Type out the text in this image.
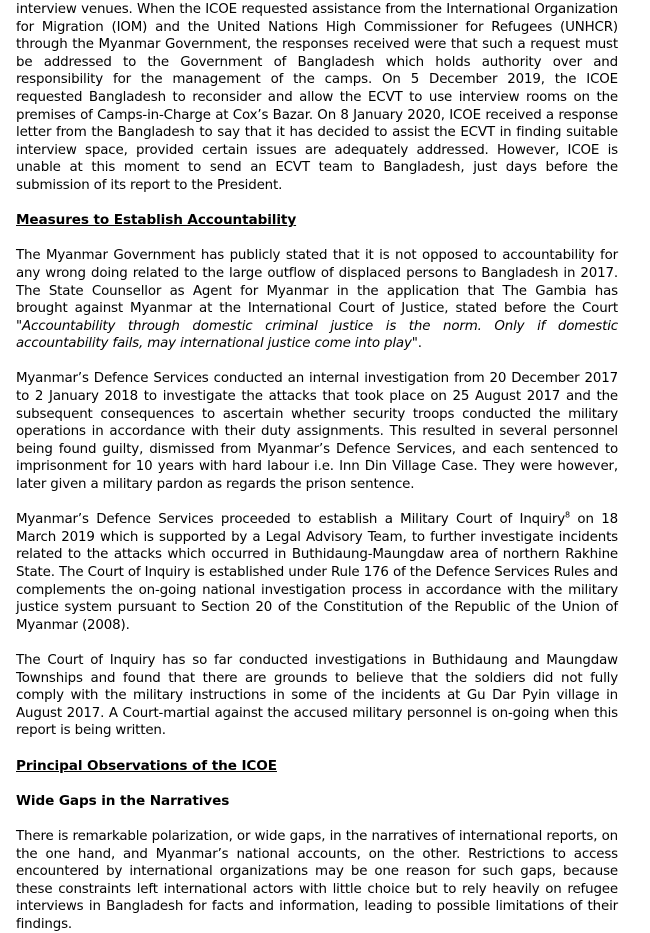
interview venues. When the ICOE requested assistance from the International Organization for Migration (IOM) and the United Nations High Commissioner for Refugees (UNHCR) through the Myanmar Government, the responses received were that such a request must be addressed to the Government of Bangladesh which holds authority over and responsibility for the management of the camps. On 5 December 2019, the ICOE requested Bangladesh to reconsider and allow the ECVT to use interview rooms on the premises of Camps-in-Charge at Cox’s Bazar. On 8 January 2020, ICOE received a response letter from the Bangladesh to say that it has decided to assist the ECVT in finding suitable interview space, provided certain issues are adequately addressed. However, ICOE is unable at this moment to send an ECVT team to Bangladesh, just days before the submission of its report to the President.

Measures to Establish Accountability

The Myanmar Government has publicly stated that it is not opposed to accountability for any wrong doing related to the large outflow of displaced persons to Bangladesh in 2017. The State Counsellor as Agent for Myanmar in the application that The Gambia has brought against Myanmar at the International Court of Justice, stated before the Court "Accountability through domestic criminal justice is the norm. Only if domestic accountability fails, may international justice come into play".

Myanmar’s Defence Services conducted an internal investigation from 20 December 2017 to 2 January 2018 to investigate the attacks that took place on 25 August 2017 and the subsequent consequences to ascertain whether security troops conducted the military operations in accordance with their duty assignments. This resulted in several personnel being found guilty, dismissed from Myanmar’s Defence Services, and each sentenced to imprisonment for 10 years with hard labour i.e. Inn Din Village Case. They were however, later given a military pardon as regards the prison sentence.

Myanmar’s Defence Services proceeded to establish a Military Court of Inquiry$^8$ on 18 March 2019 which is supported by a Legal Advisory Team, to further investigate incidents related to the attacks which occurred in Buthidaung-Maungdaw area of northern Rakhine State. The Court of Inquiry is established under Rule 176 of the Defence Services Rules and complements the on-going national investigation process in accordance with the military justice system pursuant to Section 20 of the Constitution of the Republic of the Union of Myanmar (2008).

The Court of Inquiry has so far conducted investigations in Buthidaung and Maungdaw Townships and found that there are grounds to believe that the soldiers did not fully comply with the military instructions in some of the incidents at Gu Dar Pyin village in August 2017. A Court-martial against the accused military personnel is on-going when this report is being written.

Principal Observations of the ICOE
Wide Gaps in the Narratives

There is remarkable polarization, or wide gaps, in the narratives of international reports, on the one hand, and Myanmar’s national accounts, on the other. Restrictions to access encountered by international organizations may be one reason for such gaps, because these constraints left international actors with little choice but to rely heavily on refugee interviews in Bangladesh for facts and information, leading to possible limitations of their findings.
